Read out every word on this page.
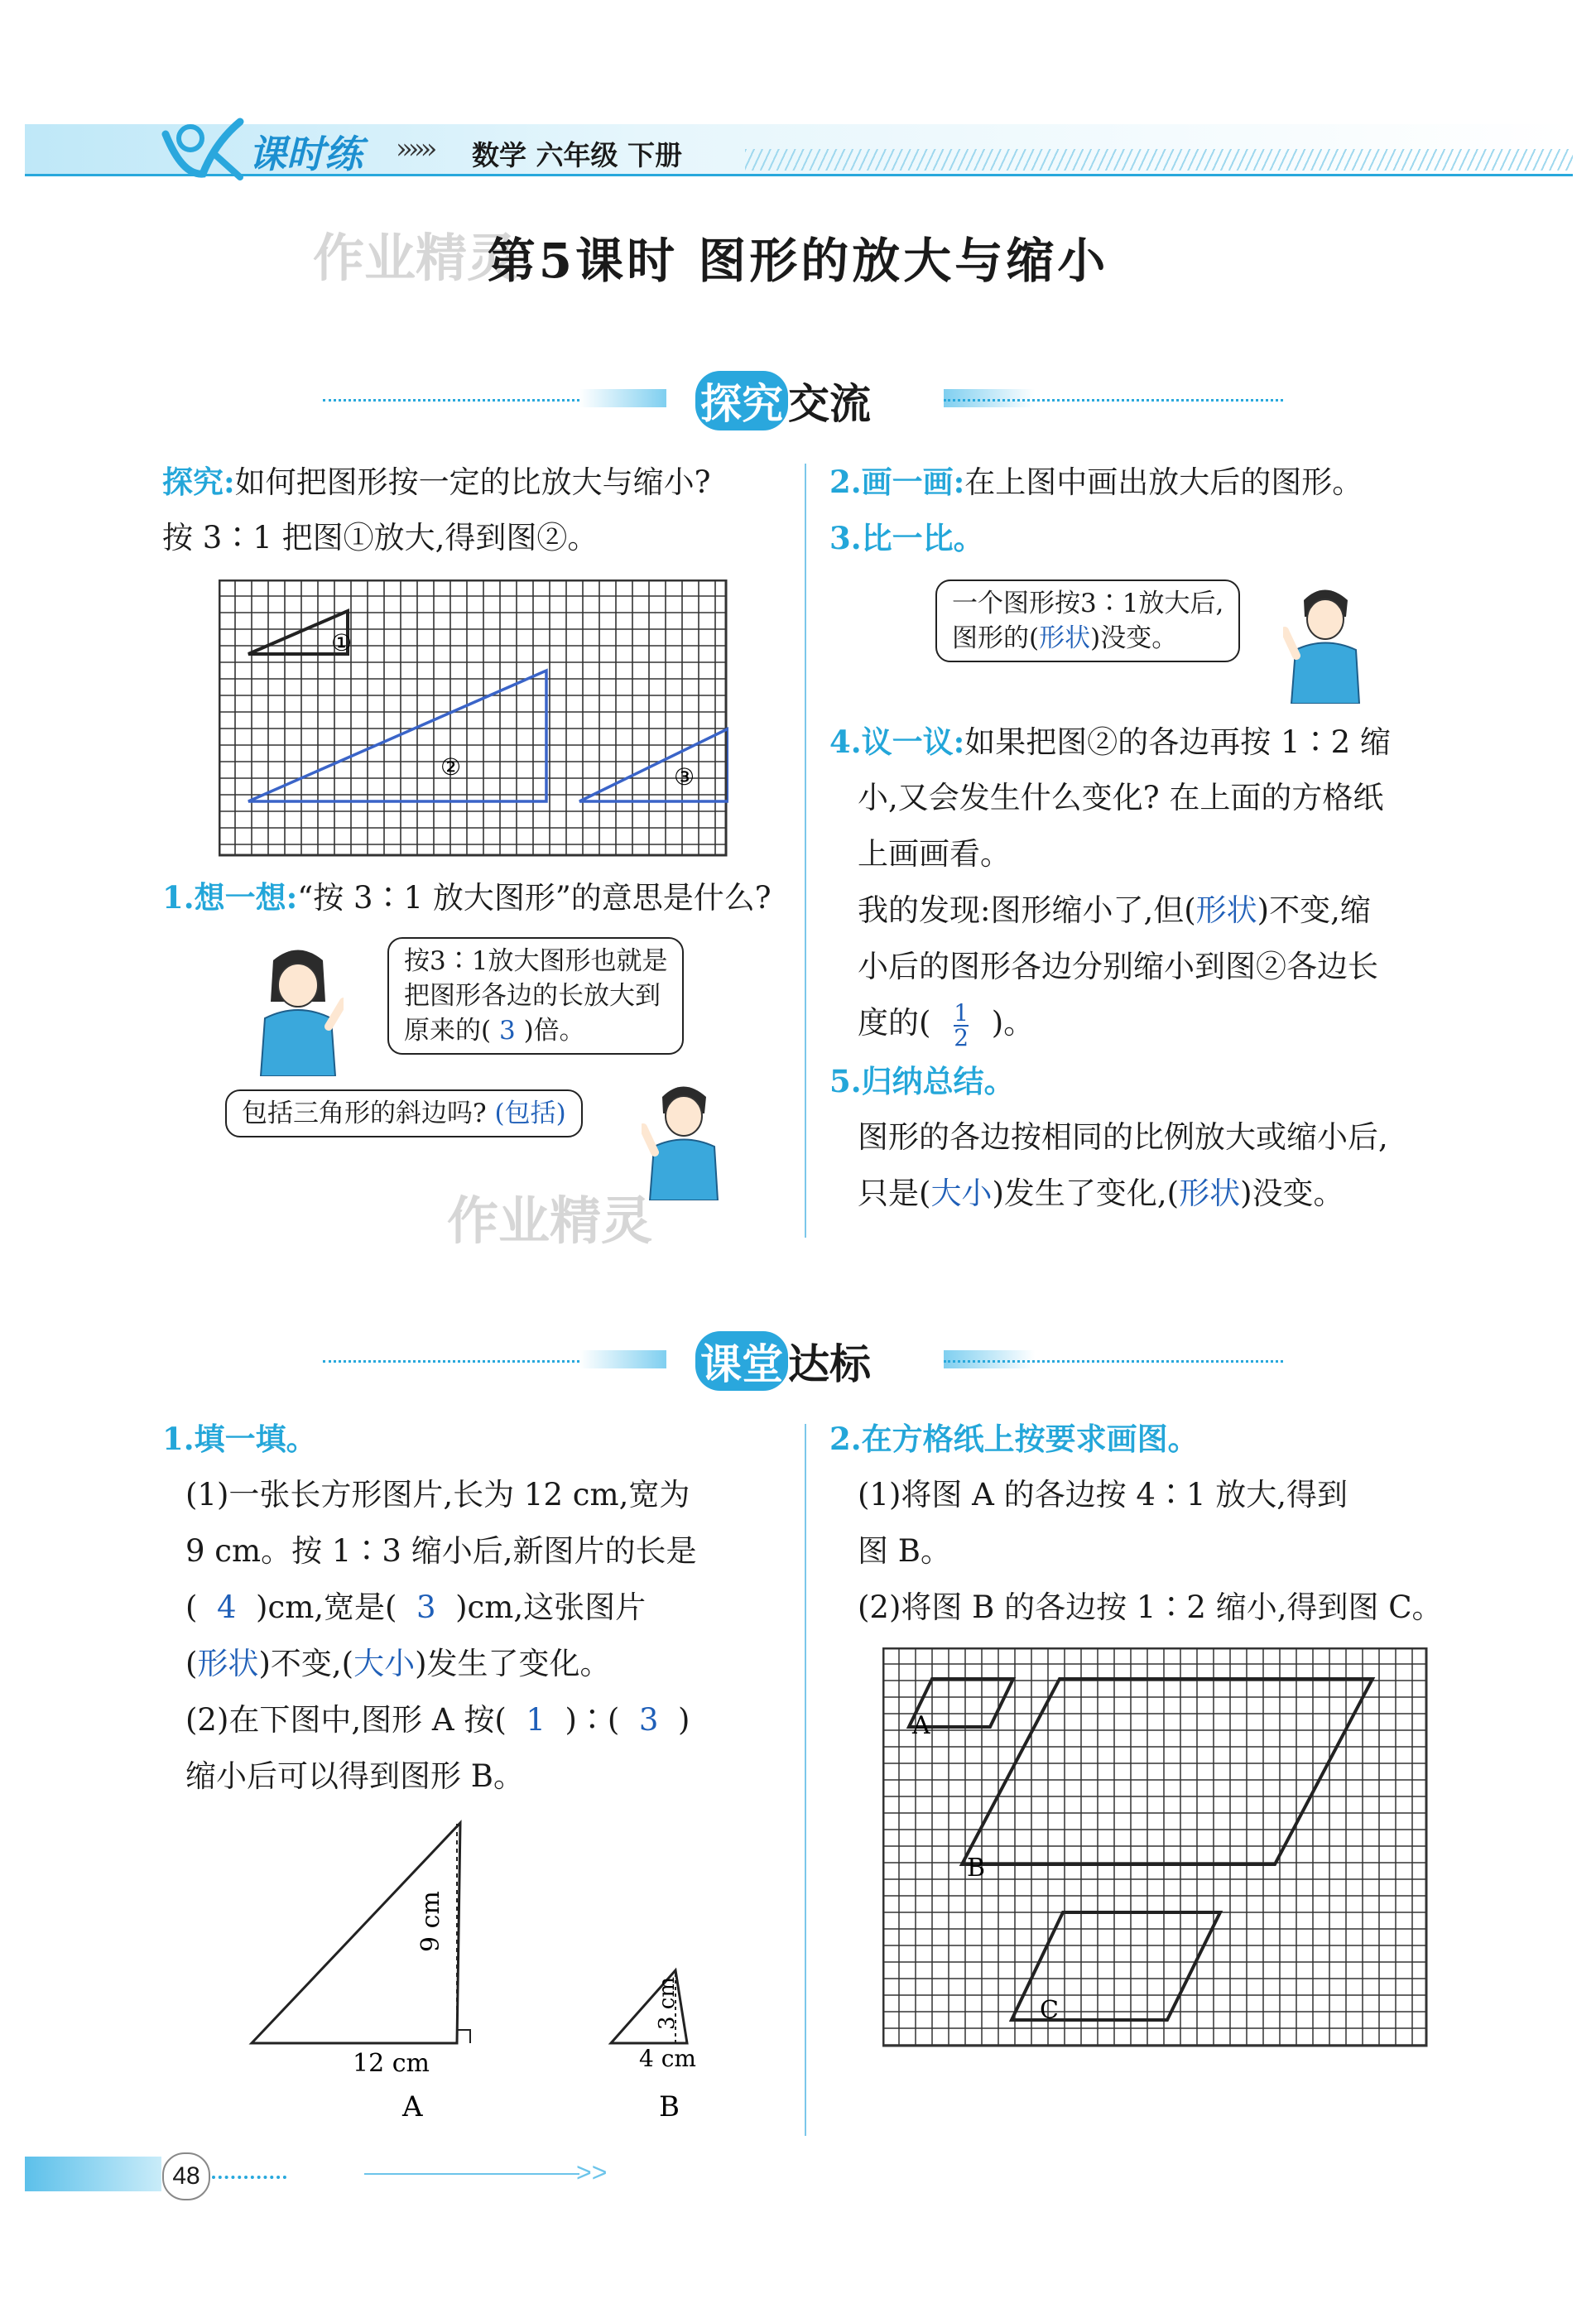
课时练 »»» 数学 六年级 下册
作业精灵
第5课时 图形的放大与缩小
探究 交流
探究:如何把图形按一定的比放大与缩小?
按 3∶1 把图①放大,得到图②。
①
②	③
1.想一想:“按 3∶1 放大图形”的意思是什么?
按3∶1放大图形也就是
把图形各边的长放大到
原来的( 3 )倍。
包括三角形的斜边吗? (包括)
作业精灵
2.画一画:在上图中画出放大后的图形。
3.比一比。
一个图形按3∶1放大后,
图形的(形状)没变。
4.议一议:如果把图②的各边再按 1∶2 缩
小,又会发生什么变化? 在上面的方格纸
上画画看。
我的发现:图形缩小了,但(形状)不变,缩
小后的图形各边分别缩小到图②各边长
度的( $\frac{1}{2}$ )。
5.归纳总结。
图形的各边按相同的比例放大或缩小后,
只是(大小)发生了变化,(形状)没变。
课堂 达标
1.填一填。
(1)一张长方形图片,长为 12 cm,宽为
9 cm。按 1∶3 缩小后,新图片的长是
( 4 )cm,宽是( 3 )cm,这张图片
(形状)不变,(大小)发生了变化。
(2)在下图中,图形 A 按( 1 )∶( 3 )
缩小后可以得到图形 B。
9 cm
12 cm
A
3 cm
4 cm
B
2.在方格纸上按要求画图。
(1)将图 A 的各边按 4∶1 放大,得到
图 B。
(2)将图 B 的各边按 1∶2 缩小,得到图 C。
A
B
C
48	>>
